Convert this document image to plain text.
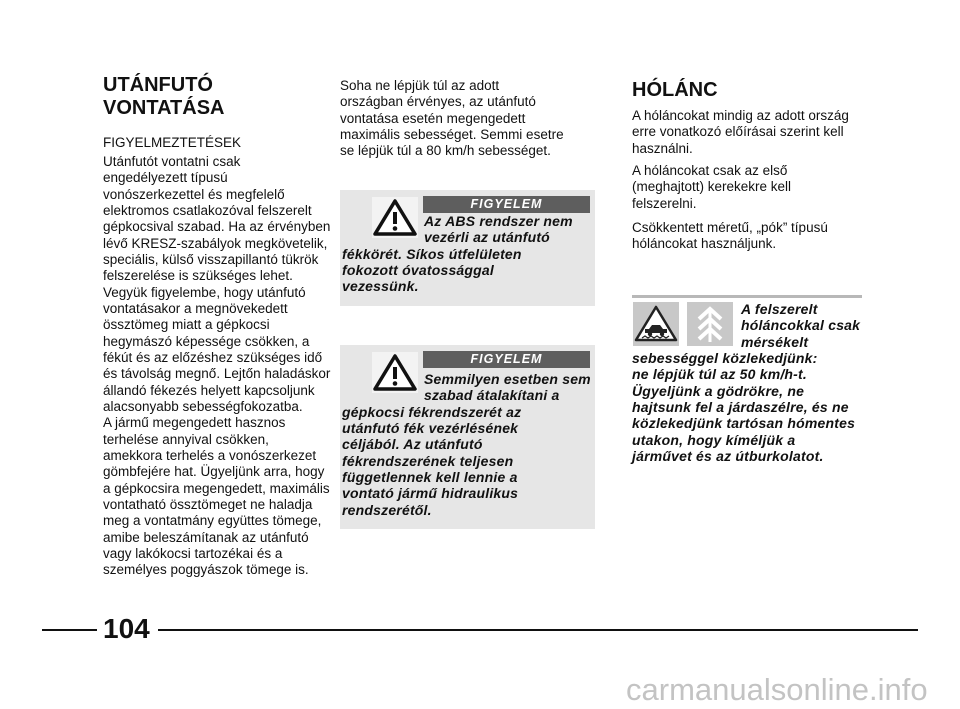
UTÁNFUTÓ
VONTATÁSA
FIGYELMEZTETÉSEK
Utánfutót vontatni csak
engedélyezett típusú
vonószerkezettel és megfelelő
elektromos csatlakozóval felszerelt
gépkocsival szabad. Ha az érvényben
lévő KRESZ-szabályok megkövetelik,
speciális, külső visszapillantó tükrök
felszerelése is szükséges lehet.
Vegyük figyelembe, hogy utánfutó
vontatásakor a megnövekedett
össztömeg miatt a gépkocsi
hegymászó képessége csökken, a
fékút és az előzéshez szükséges idő
és távolság megnő. Lejtőn haladáskor
állandó fékezés helyett kapcsoljunk
alacsonyabb sebességfokozatba.
A jármű megengedett hasznos
terhelése annyival csökken,
amekkora terhelés a vonószerkezet
gömbfejére hat. Ügyeljünk arra, hogy
a gépkocsira megengedett, maximális
vontatható össztömeget ne haladja
meg a vontatmány együttes tömege,
amibe beleszámítanak az utánfutó
vagy lakókocsi tartozékai és a
személyes poggyászok tömege is.
Soha ne lépjük túl az adott
országban érvényes, az utánfutó
vontatása esetén megengedett
maximális sebességet. Semmi esetre
se lépjük túl a 80 km/h sebességet.
FIGYELEM
Az ABS rendszer nem
vezérli az utánfutó
fékkörét. Síkos útfelületen
fokozott óvatossággal
vezessünk.
FIGYELEM
Semmilyen esetben sem
szabad átalakítani a
gépkocsi fékrendszerét az
utánfutó fék vezérlésének
céljából. Az utánfutó
fékrendszerének teljesen
függetlennek kell lennie a
vontató jármű hidraulikus
rendszerétől.
HÓLÁNC
A hóláncokat mindig az adott ország
erre vonatkozó előírásai szerint kell
használni.
A hóláncokat csak az első
(meghajtott) kerekekre kell
felszerelni.
Csökkentett méretű, „pók” típusú
hóláncokat használjunk.
A felszerelt
hóláncokkal csak
mérsékelt
sebességgel közlekedjünk:
ne lépjük túl az 50 km/h-t.
Ügyeljünk a gödrökre, ne
hajtsunk fel a járdaszélre, és ne
közlekedjünk tartósan hómentes
utakon, hogy kíméljük a
járművet és az útburkolatot.
104
carmanualsonline.info
